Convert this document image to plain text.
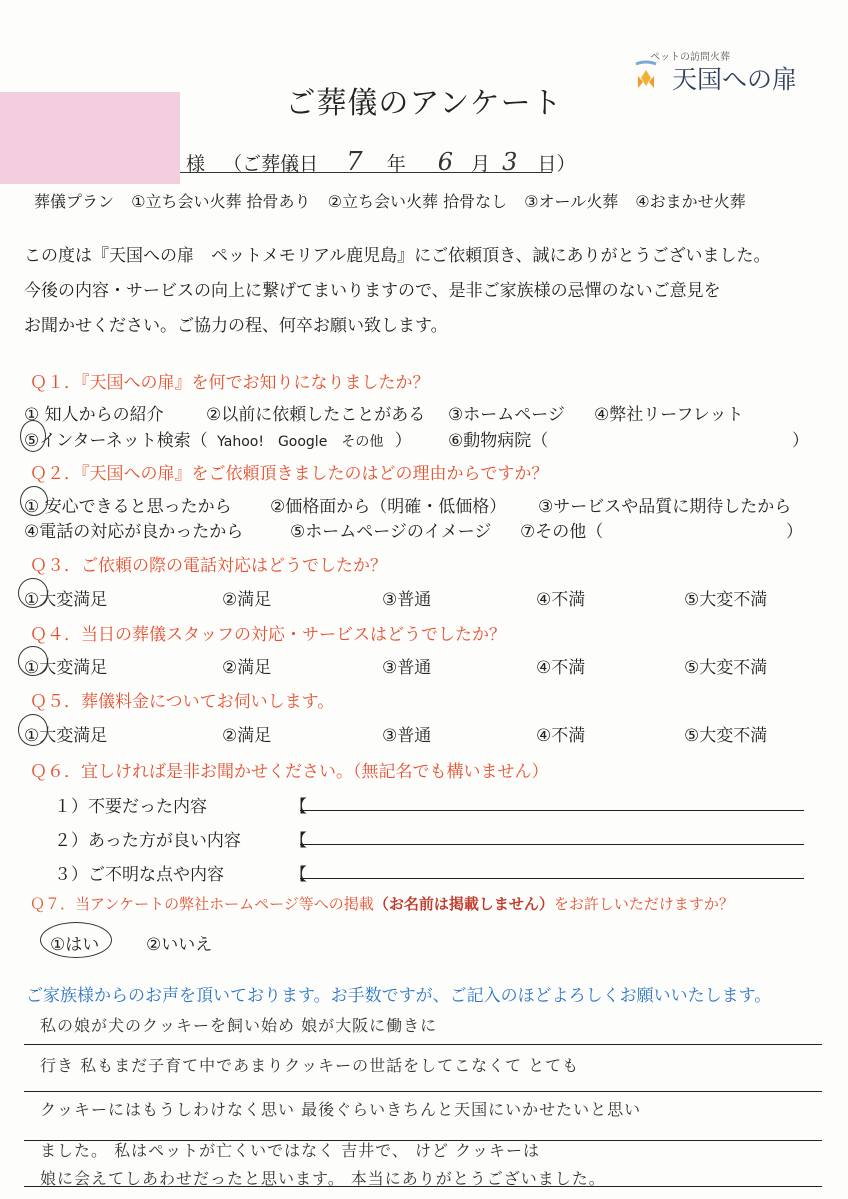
ペットの訪問火葬
天国への扉
ご葬儀のアンケート
様 （ご葬儀日 7 年 6 月 3 日）
葬儀プラン ①立ち会い火葬 拾骨あり ②立ち会い火葬 拾骨なし ③オール火葬 ④おまかせ火葬
この度は『天国への扉　ペットメモリアル鹿児島』にご依頼頂き、誠にありがとうございました。
今後の内容・サービスの向上に繋げてまいりますので、是非ご家族様の忌憚のないご意見を
お聞かせください。ご協力の程、何卒お願い致します。
Ｑ１．『天国への扉』を何でお知りになりましたか？
① 知人からの紹介 ②以前に依頼したことがある ③ホームページ ④弊社リーフレット
⑤インターネット検索（ Yahoo!　Google　その他 ） ⑥動物病院（	）
Ｑ２．『天国への扉』をご依頼頂きましたのはどの理由からですか？
① 安心できると思ったから ②価格面から（明確・低価格） ③サービスや品質に期待したから
④電話の対応が良かったから	⑤ホームページのイメージ ⑦その他（	）
Ｑ３．ご依頼の際の電話対応はどうでしたか？
①大変満足	②満足	③普通	④不満	⑤大変不満
Ｑ４．当日の葬儀スタッフの対応・サービスはどうでしたか？
①大変満足	②満足	③普通	④不満	⑤大変不満
Ｑ５．葬儀料金についてお伺いします。
①大変満足	②満足	③普通	④不満	⑤大変不満
Ｑ６．宜しければ是非お聞かせください。（無記名でも構いません）
１）不要だった内容	【
２）あった方が良い内容	【
３）ご不明な点や内容	【
Ｑ７．当アンケートの弊社ホームページ等への掲載（お名前は掲載しません）をお許しいただけますか？
①はい	②いいえ
ご家族様からのお声を頂いております。お手数ですが、ご記入のほどよろしくお願いいたします。
私の娘が犬のクッキーを飼い始め 娘が大阪に働きに
行き 私もまだ子育て中であまりクッキーの世話をしてこなくて とても
クッキーにはもうしわけなく思い 最後ぐらいきちんと天国にいかせたいと思い
ました。 私はペットが亡くいではなく 吉井で、 けど クッキーは
娘に会えてしあわせだったと思います。 本当にありがとうございました。
